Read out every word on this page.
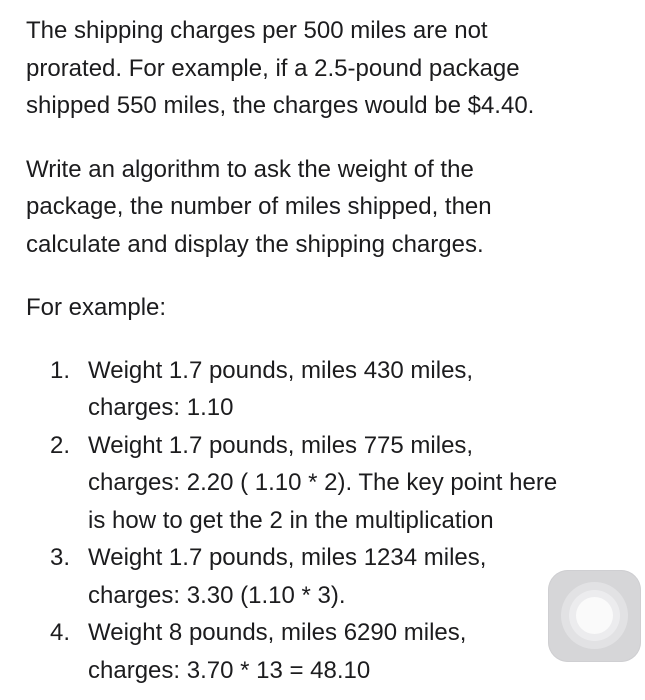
The shipping charges per 500 miles are not
prorated. For example, if a 2.5-pound package
shipped 550 miles, the charges would be $4.40.

Write an algorithm to ask the weight of the
package, the number of miles shipped, then
calculate and display the shipping charges.

For example:

1. Weight 1.7 pounds, miles 430 miles,
charges: 1.10
2. Weight 1.7 pounds, miles 775 miles,
charges: 2.20 ( 1.10 * 2). The key point here
is how to get the 2 in the multiplication
3. Weight 1.7 pounds, miles 1234 miles,
charges: 3.30 (1.10 * 3).
4. Weight 8 pounds, miles 6290 miles,
charges: 3.70 * 13 = 48.10
